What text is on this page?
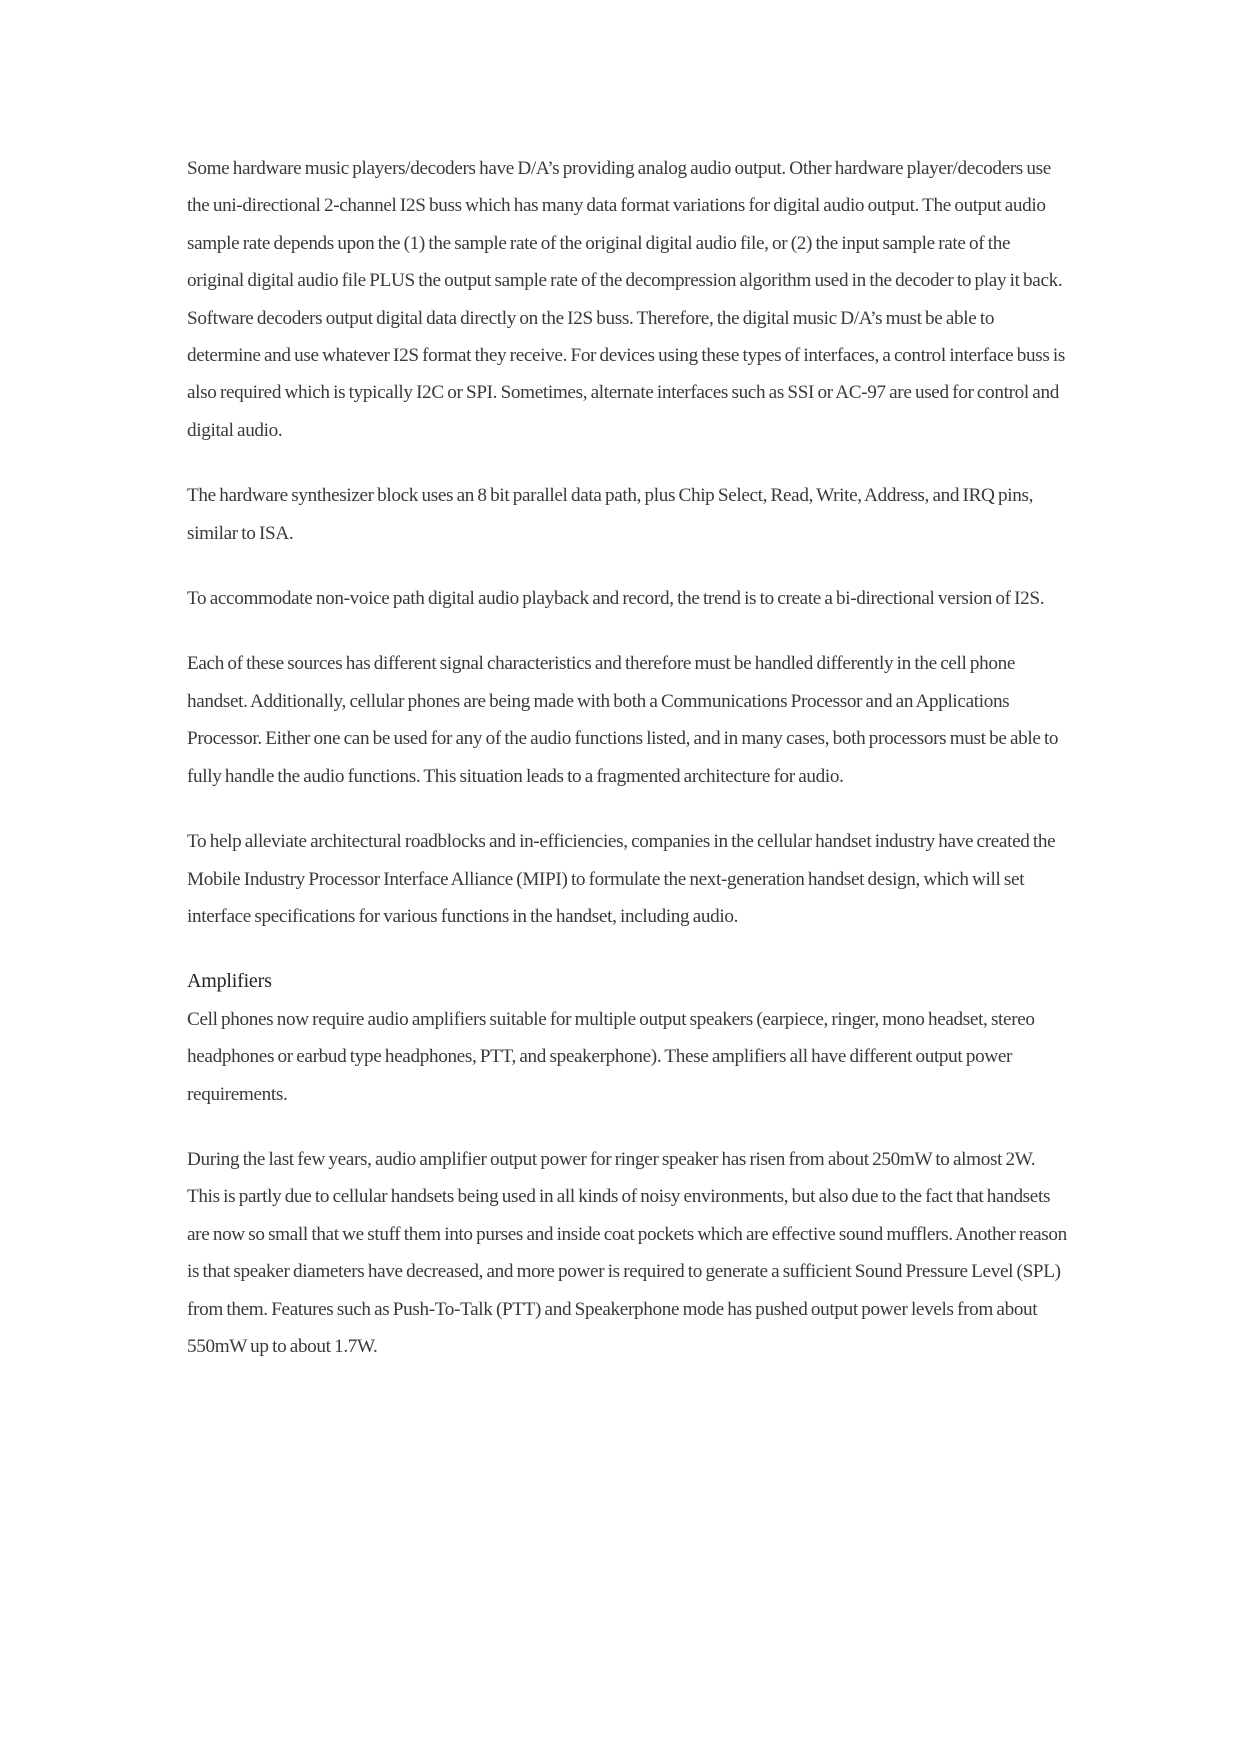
Some hardware music players/decoders have D/A’s providing analog audio output. Other hardware player/decoders use the uni-directional 2-channel I2S buss which has many data format variations for digital audio output. The output audio sample rate depends upon the (1) the sample rate of the original digital audio file, or (2) the input sample rate of the original digital audio file PLUS the output sample rate of the decompression algorithm used in the decoder to play it back. Software decoders output digital data directly on the I2S buss. Therefore, the digital music D/A’s must be able to determine and use whatever I2S format they receive. For devices using these types of interfaces, a control interface buss is also required which is typically I2C or SPI. Sometimes, alternate interfaces such as SSI or AC-97 are used for control and digital audio.

The hardware synthesizer block uses an 8 bit parallel data path, plus Chip Select, Read, Write, Address, and IRQ pins, similar to ISA.

To accommodate non-voice path digital audio playback and record, the trend is to create a bi-directional version of I2S.

Each of these sources has different signal characteristics and therefore must be handled differently in the cell phone handset. Additionally, cellular phones are being made with both a Communications Processor and an Applications Processor. Either one can be used for any of the audio functions listed, and in many cases, both processors must be able to fully handle the audio functions. This situation leads to a fragmented architecture for audio.

To help alleviate architectural roadblocks and in-efficiencies, companies in the cellular handset industry have created the Mobile Industry Processor Interface Alliance (MIPI) to formulate the next-generation handset design, which will set interface specifications for various functions in the handset, including audio.

Amplifiers

Cell phones now require audio amplifiers suitable for multiple output speakers (earpiece, ringer, mono headset, stereo headphones or earbud type headphones, PTT, and speakerphone). These amplifiers all have different output power requirements.

During the last few years, audio amplifier output power for ringer speaker has risen from about 250mW to almost 2W. This is partly due to cellular handsets being used in all kinds of noisy environments, but also due to the fact that handsets are now so small that we stuff them into purses and inside coat pockets which are effective sound mufflers. Another reason is that speaker diameters have decreased, and more power is required to generate a sufficient Sound Pressure Level (SPL) from them. Features such as Push-To-Talk (PTT) and Speakerphone mode has pushed output power levels from about 550mW up to about 1.7W.
